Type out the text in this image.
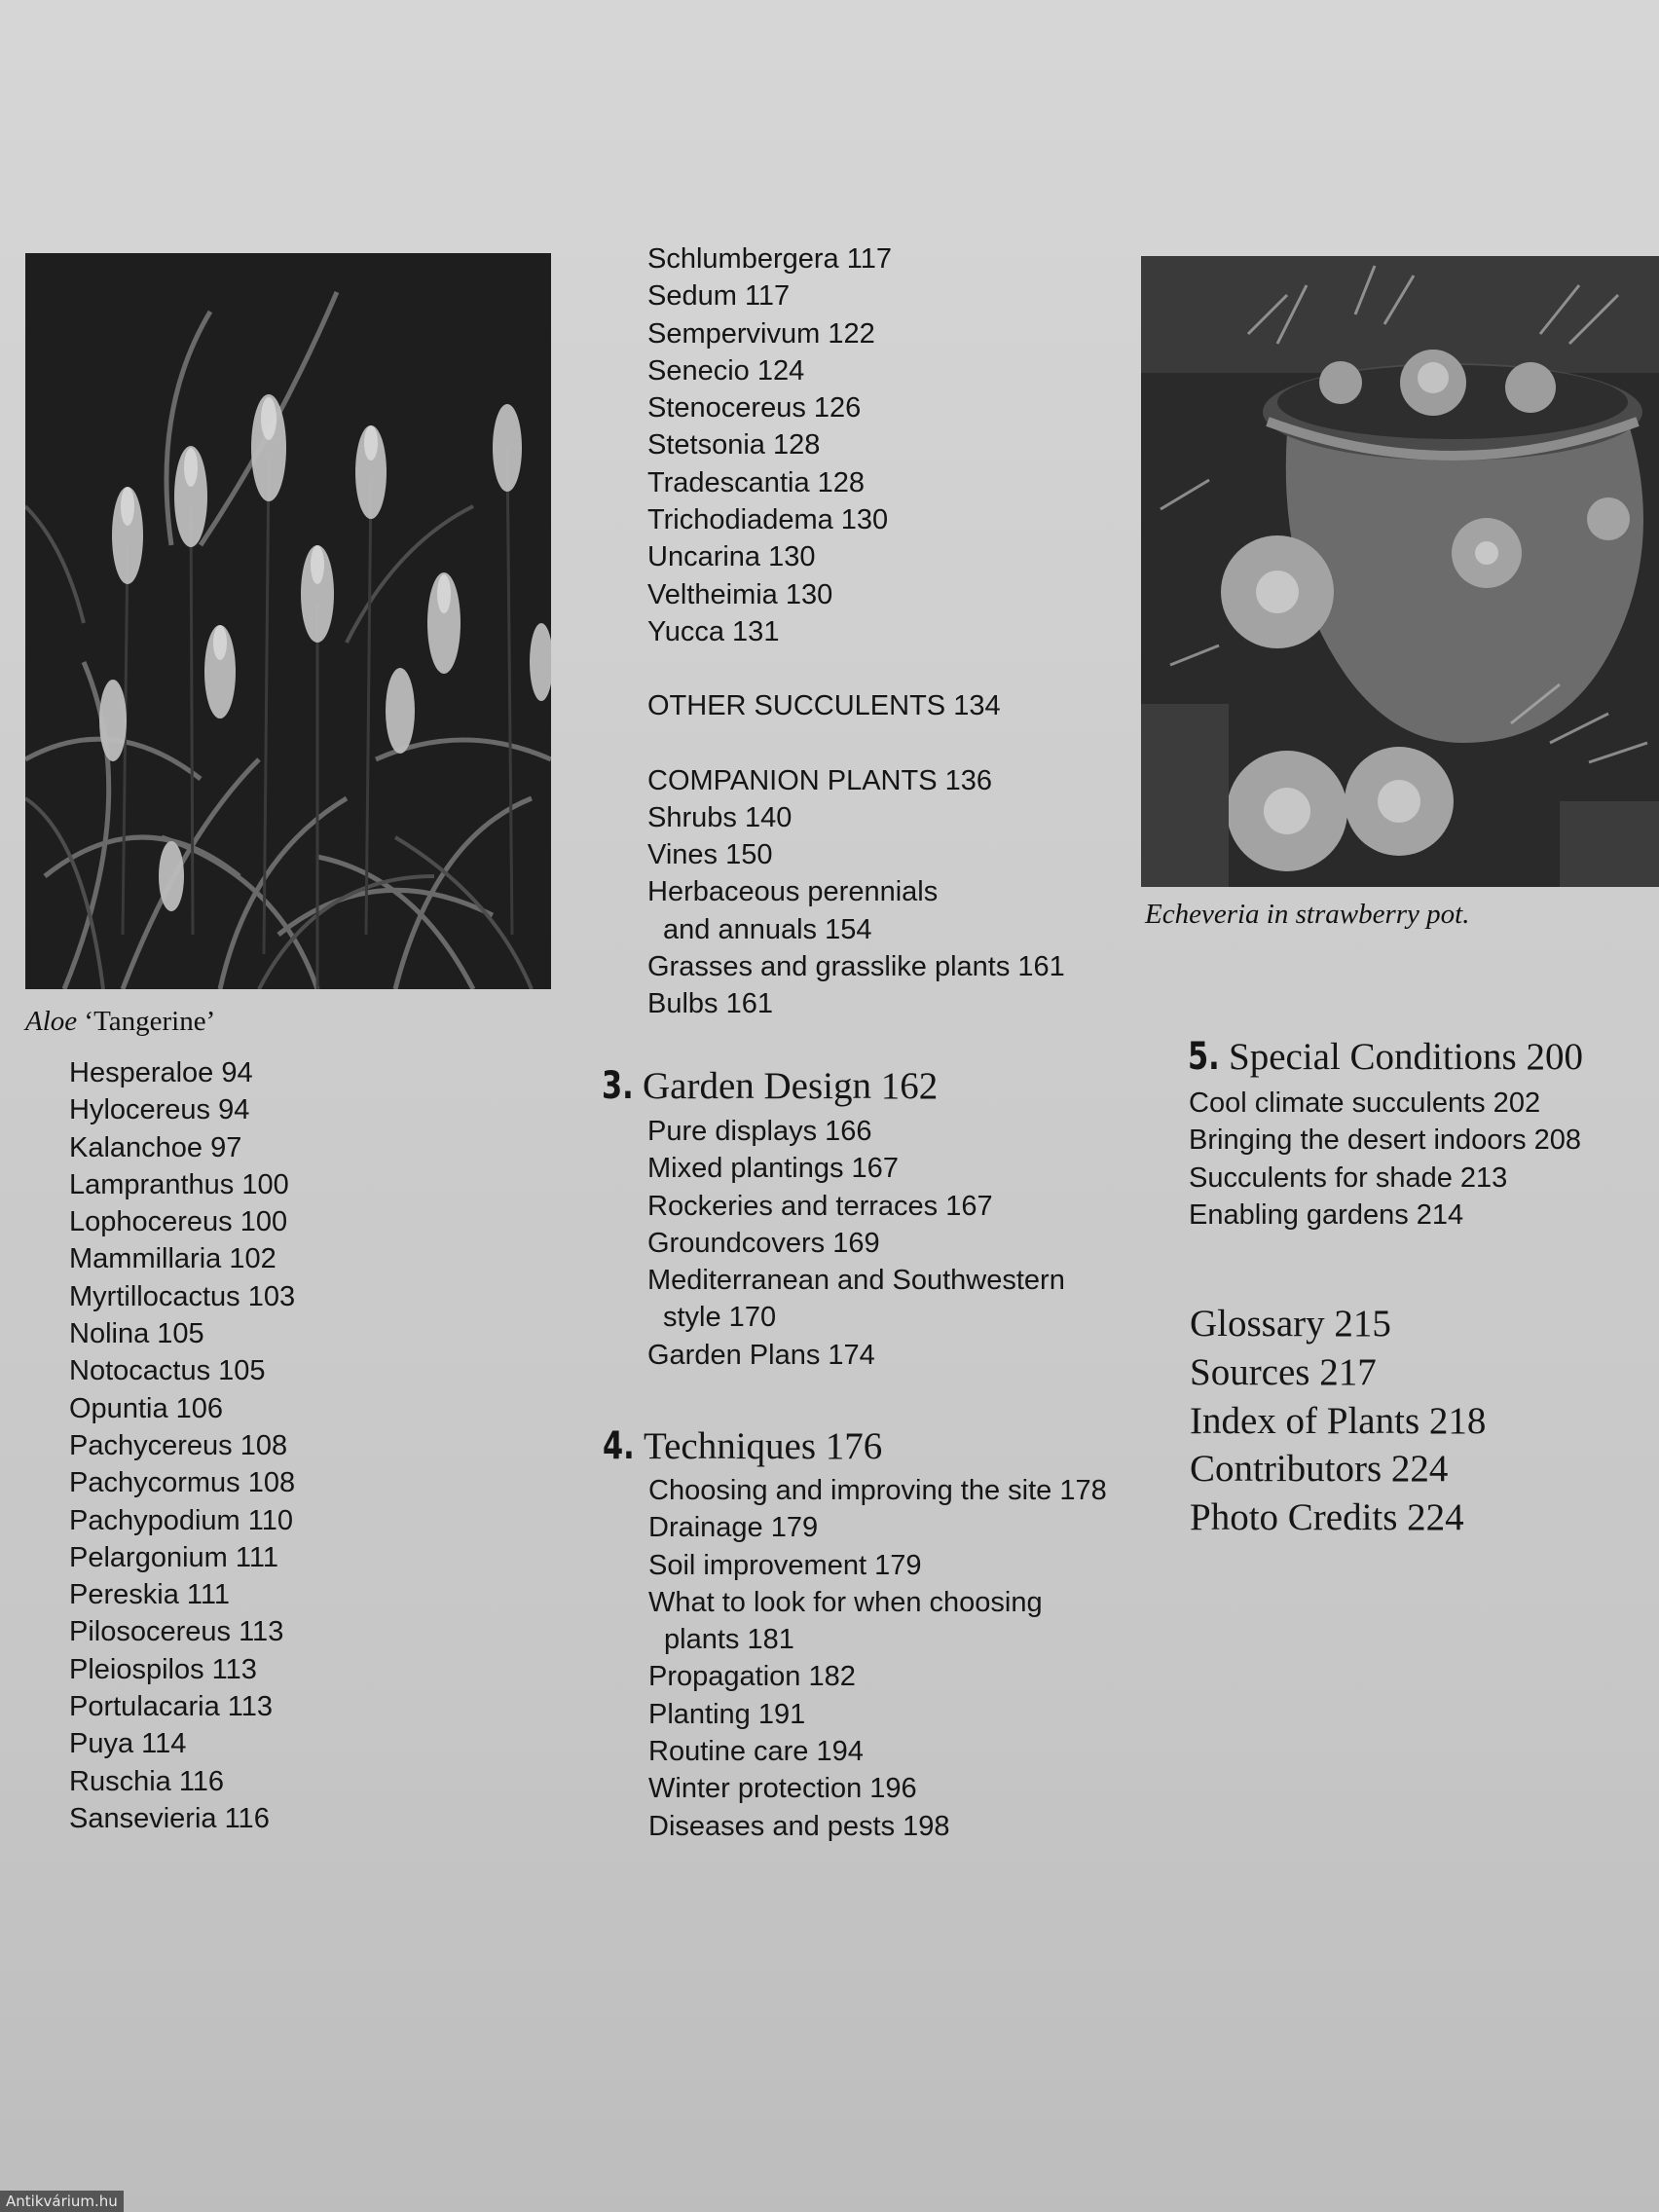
Aloe ‘Tangerine’
Echeveria in strawberry pot.
Hesperaloe 94
Hylocereus 94
Kalanchoe 97
Lampranthus 100
Lophocereus 100
Mammillaria 102
Myrtillocactus 103
Nolina 105
Notocactus 105
Opuntia 106
Pachycereus 108
Pachycormus 108
Pachypodium 110
Pelargonium 111
Pereskia 111
Pilosocereus 113
Pleiospilos 113
Portulacaria 113
Puya 114
Ruschia 116
Sansevieria 116
Schlumbergera 117
Sedum 117
Sempervivum 122
Senecio 124
Stenocereus 126
Stetsonia 128
Tradescantia 128
Trichodiadema 130
Uncarina 130
Veltheimia 130
Yucca 131
OTHER SUCCULENTS 134
COMPANION PLANTS 136
Shrubs 140
Vines 150
Herbaceous perennials
and annuals 154
Grasses and grasslike plants 161
Bulbs 161
3. Garden Design 162
Pure displays 166
Mixed plantings 167
Rockeries and terraces 167
Groundcovers 169
Mediterranean and Southwestern
style 170
Garden Plans 174
4. Techniques 176
Choosing and improving the site 178
Drainage 179
Soil improvement 179
What to look for when choosing
plants 181
Propagation 182
Planting 191
Routine care 194
Winter protection 196
Diseases and pests 198
5. Special Conditions 200
Cool climate succulents 202
Bringing the desert indoors 208
Succulents for shade 213
Enabling gardens 214
Glossary 215
Sources 217
Index of Plants 218
Contributors 224
Photo Credits 224
Antikvárium.hu
